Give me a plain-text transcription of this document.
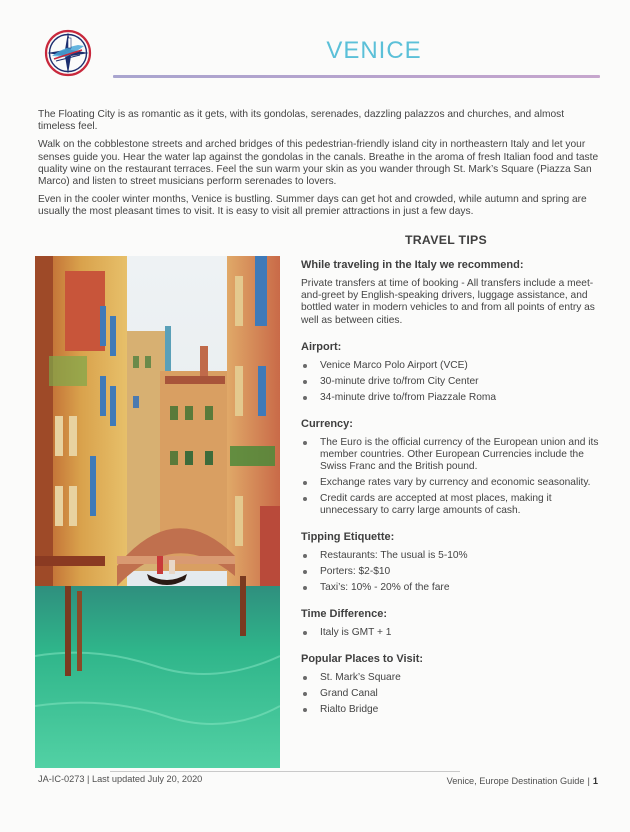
VENICE

The Floating City is as romantic as it gets, with its gondolas, serenades, dazzling palazzos and churches, and almost timeless feel.

Walk on the cobblestone streets and arched bridges of this pedestrian-friendly island city in northeastern Italy and let your senses guide you. Hear the water lap against the gondolas in the canals. Breathe in the aroma of fresh Italian food and taste quality wine on the restaurant terraces. Feel the sun warm your skin as you wander through St. Mark’s Square (Piazza San Marco) and listen to street musicians perform serenades to lovers.

Even in the cooler winter months, Venice is bustling. Summer days can get hot and crowded, while autumn and spring are usually the most pleasant times to visit. It is easy to visit all premier attractions in just a few days.

TRAVEL TIPS
While traveling in the Italy we recommend:
Private transfers at time of booking - All transfers include a meet-and-greet by English-speaking drivers, luggage assistance, and bottled water in modern vehicles to and from all points of entry as well as between cities.
Airport:
Venice Marco Polo Airport (VCE)
30-minute drive to/from City Center
34-minute drive to/from Piazzale Roma
Currency:
The Euro is the official currency of the European union and its member countries. Other European Currencies include the Swiss Franc and the British pound.
Exchange rates vary by currency and economic seasonality.
Credit cards are accepted at most places, making it unnecessary to carry large amounts of cash.
Tipping Etiquette:
Restaurants: The usual is 5-10%
Porters: $2-$10
Taxi’s: 10% - 20% of the fare
Time Difference:
Italy is GMT + 1
Popular Places to Visit:
St. Mark’s Square
Grand Canal
Rialto Bridge
JA-IC-0273 | Last updated July 20, 2020	Venice, Europe Destination Guide | 1
